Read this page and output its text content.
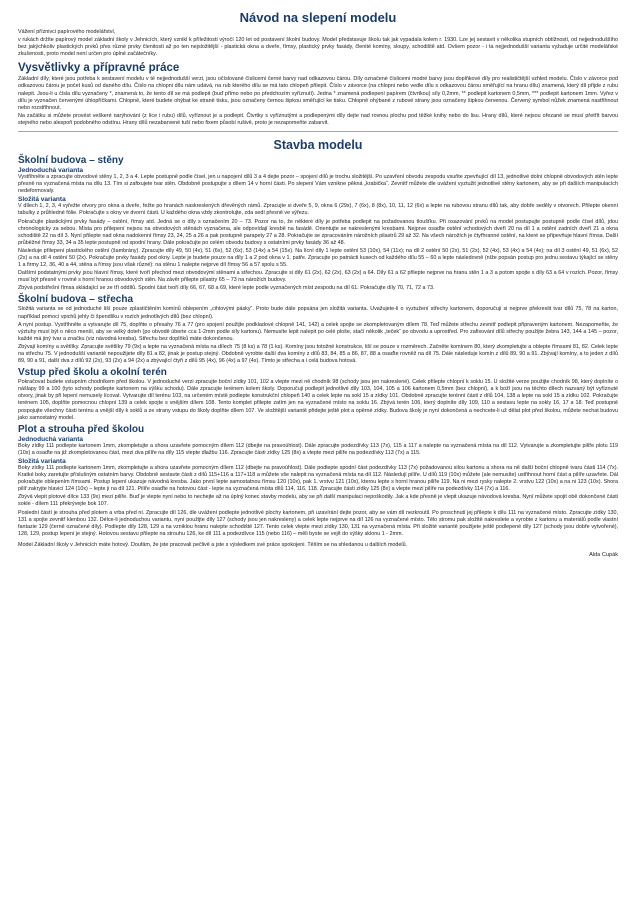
Návod na slepení modelu

Vážení příznivci papírového modelářství,

v rukách držíte papírový model základní školy v Jehnicích, který vznikl k příležitosti výročí 120 let od postavení školní budovy. Model představuje školu tak jak vypadala kolem r. 1930. Lze jej sestavit v několika stupních obtížnosti, od nejjednoduššího bez jakýchkoliv plastických prvků přes různé prvky členitosti až po ten nejsložitější - plastická okna a dveře, římsy, plastický prvky fasády, členité komíny, sloupy, schodiště atd. Ovšem pozor - i ta nejjednodušší varianta vyžaduje určité modelářské zkušenosti, proto model není určen pro úplné začátečníky.

Vysvětlivky a přípravné práce

Základní díly, které jsou potřeba k sestavení modelu v té nejjednodušší verzi, jsou očíslované číslicemi černé barvy nad odkazovou čárou. Díly označené číslicemi modré barvy jsou doplňkové díly pro realističtější vzhled modelu. Číslo v závorce pod odkazovou čárou je počet kusů od daného dílu. Číslo na chlopni dílu nám udává, na rub kterého dílu se má tato chlopeň přilepit. Číslo v závorce (na chlopni nebo vedle dílu s odkazovou čárou směřující na hranu dílu) znamená, který díl přijde z rubu nalepit. Jsou-li u čísla dílu vyznačeny *, znamená to, že tento díl se má podlepit (buď přímo nebo po předchozím vyříznutí). Jedna * znamená podlepení papírem (čtvrtkou) síly 0,2mm, ** podlepit kartonem 0,5mm, *** podlepit kartonem 1mm. Vyřez v dílu je vyznačen červenými úhlopříčkami. Chlopně, které budete ohýbat ke straně tisku, jsou označeny černou šipkou směřující ke tisku. Chlopně ohýbané z rubové strany jsou označeny šipkou červenou. Červený symbol nůžek znamená nastřihnout nebo rozstřihnout.

Na začátku si můžete provést veškeré narýhování (z líce i rubu) dílů, vyříznout je a podlepit. Čtvrtky s vyříznutými a podlepenými díly dejte nad rovnou plochu pod těžké knihy nebo do lisu. Hrany dílů, které nejsou ořezané se musí přetřít barvou stejného nebo alespoň podobného odstínu. Hrany dílů nezabarvené tuší nebo fixem působí rušivě, proto je nezapomeňte zabarvit.

Stavba modelu
Školní budova – stěny
Jednoduchá varianta

Vystřihněte a zpracujte obvodové stěny 1, 2, 3 a 4. Lepte postupně podle čísel, jen u napojení dílů 3 a 4 dejte pozor – spojení dílů je trochu složitější. Po uzavření obvodu zespodu vsuňte zpevňující díl 13, jednotlivé dolní chlopně obvodových stěn lepte přesně na vyznačená místa na dílu 13. Tím si zafixujete tvar stěn. Obdobně postupujte s dílem 14 v horní části. Po slepení Vám vznikne pěkná „krabička“. Zevnitř můžete dle uvážení vyztužit jednotlivé stěny kartonem, aby se při dalších manipulacích nedeformovaly.

Složitá varianta

V dílech 1, 2, 3, 4 vyřežte otvory pro okna a dveře, řežte po hranách naskreslených dřevěných rámů. Zpracujte si dveře 5, 9, okna 6 (29x), 7 (6x), 8 (8x), 10, 11, 12 (6x) a lepte na rubovou stranu dílů tak, aby dobře seděly v otvorech. Přilepte okenní tabulky z průhledné fólie. Pokračujte s okny ve dvorní části. U každého okna vždy zkontrolujte, zda sedí přesně ve výřezu.

Pokračujte plastickými prvky fasády – ostění, římsy atd. Jedná se o díly s označením 20 – 73. Pozor na to, že některé díly je potřeba podlepit na požadovanou tloušťku. Při osazování prvků na model postupujte postupně podle čísel dílů, jdou chronologicky za sebou. Místa pro přilepení nejsou na obvodových stěnách vyznačena, ale odpovídají kresbě na fasádě. Orientujte se nakreslenými kresbami. Nejprve osaďte ostění vchodových dveří 20 na díl 1 a ostění zadních dveří 21 a okna schodiště 22 na díl 3. Nyní přilepte nad okna nadokenní římsy 23, 24, 25 a 26 a pak postupně parapety 27 a 28. Pokračujte se zpracováním nárožních pilastrů 29 až 32. Na všech nárožích je čtyřhranné ostění, na které se připevňuje hlavní římsa. Další průběžné římsy 33, 34 a 35 lepte postupně od spodní hrany. Dále pokračujte po celém obvodu budovy s ostatními prvky fasády 36 až 48.

Následuje přilepení plastického ostění (šambrány). Zpracujte díly 49, 50 (4x), 51 (6x), 52 (6x), 53 (14x) a 54 (15x). Na lícní díly 1 lepte ostění 53 (10x), 54 (11x); na díl 2 ostění 50 (2x), 51 (2x), 52 (4x), 53 (4x) a 54 (4x); na díl 3 ostění 49, 51 (6x), 52 (2x) a na díl 4 ostění 50 (2x). Pokračujte prvky fasády pod okny. Lepte je budete pouze na díly 1 a 2 pod okna v 1. patře. Zpracujte po patnácti kusech od každého dílu 55 – 60 a lepte následovně (níže popsán postup pro jednu sestavu týkající se stěny 1 a firmy 12, 36, 40 a 44, stěna a římsy jsou však různé): na stěnu 1 nalepte nejprve díl římsy 56 a 57 spolu s 55.

Dalšími podstatnými prvky jsou hlavní římsy, které tvoří přechod mezi obvodovými stěnami a střechou. Zpracujte si díly 61 (2x), 62 (2x), 63 (2x) a 64. Díly 61 a 62 přilepte nejprve na hranu stěn 1 a 3 a potom spojte s díly 63 a 64 v rozích. Pozor, římsy musí být přesně v rovině s horní hranou obvodových stěn. Na závěr přilepte pilastry 65 – 73 na nárožích budovy.

Zbývá podstřešní římsa skládající se ze tří oddílů. Spodní část tvoří díly 66, 67, 68 a 69, které lepte podle vyznačených míst zespodu na díl 61. Pokračujte díly 70, 71, 72 a 73.

Školní budova – střecha

Složitá varianta se od jednoduché liší pouze zplastičtěním komínů oblepením „cihlovými pásky“. Proto bude dále popsána jen složitá varianta. Uvažujete-li o vyztužení střechy kartonem, doporučuji si nejprve překreslit tvar dílů 75, 78 na karton, například pomocí vpichů jehly či špendlíku v rozích jednotlivých dílů (bez chlopní).

A nyní postup. Vystřihněte a vytvarujte díl 75, doplňte o přesahy 76 a 77 (pro spojení použijte podkladové chlopně 141, 142) a celek spojte se zkompletovaným dílem 78. Teď můžete střechu zevnitř podlepit připraveným kartonem. Nezapomeňte, že výztuhy musí být o něco menší, aby se velký doteh (po obvodě úberte cca 1-2mm podle síly kartonu). Nemusíte lepit nalepit po celé ploše, stačí několik „teček“ po obvodu a uprostřed. Pro zafixování dílů střechy použijte žebra 143, 144 a 145 – pozor, každé má jiný tvar a značku (viz návodná kresba). Střechu bez doplňků máte dokončenou.

Zbývají komíny a světlíky. Zpracujte světlíky 79 (9x) a lepte na vyznačená místa na dílech 75 (8 ks) a 78 (1 ks). Komíny jsou totožné konstrukce, liší se pouze v rozměrech. Začněte komínem 80, který zkompletujte a oblepte římsami 81, 82. Celek lepte na střechu 75. V jednodušší variantě nepoužijete díly 81 a 82, jinak je postup stejný. Obdobně vyrobte další dva komíny z dílů 83, 84, 85 a 86, 87, 88 a osaďte rovněž na díl 75. Dále následuje komín z dílů 89, 90 a 91. Zbývají komíny, a to jeden z dílů 89, 90 a 91, další dva z dílů 92 (2x), 93 (2x) a 94 (2x) a zbývající čtyři z dílů 95 (4x), 96 (4x) a 97 (4x). Tímto je střecha a i celá budova hotová.

Vstup před školu a okolní terén

Pokračovat budete vstupním chodníkem před školou. V jednoduché verzi zpracujte boční zídky 101, 102 a vlepte mezi ně chodník 98 (schody jsou jen nakreslené). Celek přilepte chlopní k soklu 15. U složité verze použijte chodník 98, který doplníte o nášlapy 99 a 100 (tyto schody podlepte kartonem na výšku schodu). Dále zpracujte terénem kolem školy. Doporučuji podlepit jednotlivé díly 103, 104, 105 a 106 kartonem 0,5mm (bez chlopní), a k boží jsou na těchto dílech nazvaný být vyříznuté otvory, jinak by při lepení nemusely lícovat. Vytvarujte díl terénu 103, na určeném místě podlepte konstrukční chlopeň 140 a celek lepte na sokl 15 a zídky 101. Obdobně zpracujte terénní části z dílů 104, 138 a lepte na sokl 15 a zídku 102. Pokračujte terénem 105, doplňte pomocnou chlopní 139 a celek spojte s vnějším dílem 108. Tento komplet přilepte zatím jen na vyznačené místo na soklu 16. Zbývá terén 106, který doplníte díly 109, 110 a sestavu lepte na sokly 16, 17 a 18. Teď postupně pospojujte všechny části terénu a vnější díly k soklů a ze strany vstupu do školy doplňte dílem 107. Ve složitější variantě přidejte ještě plot a opěrné zídky. Budova školy je nyní dokončená a nechcete-li už dělat plot před školou, můžete nechat budovu jako samostatný model.

Plot a strouha před školou
Jednoduchá varianta

Boky zídky 111 podlepte kartonem 1mm, zkompletujte a shora uzavřete pomocným dílem 112 (dbejte na pravoúhlost). Dále zpracujte podezdívky 113 (7x), 115 a 117 a nalepte na vyznačená místa na díl 112. Vytvarujte a zkompletujte pilíře plotu 119 (10x) a osaďte na již zkompletovanou část, mezi dva pilíře na díly 115 vlepte dlažbu 116. Zpracujte části zídky 125 (8x) a vlepte mezi pilíře na podezdívky 113 (7x) a 115.

Složitá varianta

Boky zídky 111 podlepte kartonem 1mm, zkompletujte a shora uzavřete pomocným dílem 112 (dbejte na pravoúhlost). Dále podlepte spodní část podezdívky 113 (7x) požadovanou silou kartonu a shora na ně další boční chlopně tvaru části 114 (7x). Kratké boky zaretujte příslušným ostatním barvy. Obdobně sestavte části z dílů 115+116 a 117+118 a můžete vše nalepit na vyznačená místa na díl 112. Následují pilíře. U dílů 119 (10x) můžete (ale nemusíte) ustřihnout horní část a pilíře uzavřete. Dál pokračujte oblepením římsami. Postup lepení ukazuje návodná kresba. Jako první lepte samostatnou římsu 120 (10x), pak 1. vrstvu 121 (10x), kterou lepte s horní hranou pilíře 119. Na ni mezi rysky nalepte 2. vrstvu 122 (10x) a na ni 123 (10x). Shora pilíř zakryjte hlavicí 124 (10x) – lepte ji na díl 121. Pilíře osaďte na hotovou část - lepte na vyznačená místa dílů 114, 116, 118. Zpracujte části zídky 125 (8x) a vlepte mezi pilíře na podezdívky 114 (7x) a 116.

Zbývá vlepit plotové dílce 133 (9x) mezi pilíře. Buď je vlepte nyní nebo to nechejte až na úplný konec stavby modelu, aby se při další manipulaci nepoškodily. Jak a kde přesně je vlepit ukazuje návodová kresba. Nyní můžete spojit obě dokončené části sokle - dílem 111 překrývejte bok 107.

Poslední částí je strouha před plotem a vrba před ní. Zpracujte díl 126, dle uvážení podlepte jednotlivé plochy kartonem, při uzavírání dejte pozor, aby se vám díl nezkroutil. Po proschnutí jej přilepte k dílu 111 na vyznačené místo. Zpracujte zídky 130, 131 a spojte zevnitř klenbou 132. Délce-li jednoduchou variantu, nyní použijte díly 127 (schody jsou jen nakresleny) a celek lepte nejprve na díl 126 na vyznačené místo. Tělo stromu pak složitě nakreslete a vyrobte z kartonu a materiálů podle vlastní fantazie 129 (černě označené díly). Podlepte díly 128, 129 a na vzniklou hranu nalepte schodiště 127. Tento celek vlepte mezi zídky 130, 131 na vyznačená místa. Při složité variantě použijete ještě podlepené díly 127 (schody jsou dobře vytvořené), 128, 129, postup lepení je stejný. Hotovou sestavu přilepte na strouhu 126, ke díl 111 a podezdívce 115 (nebo 116) – měli byste se vejít do výšky sklonu 1 - 2mm.

Model Základní školy v Jehnicích máte hotový. Doufám, že jste pracovali pečlivě a jste s výsledkem své práce spokojeni. Těším se na shledanou u dalších modelů.

Alda Cupák
